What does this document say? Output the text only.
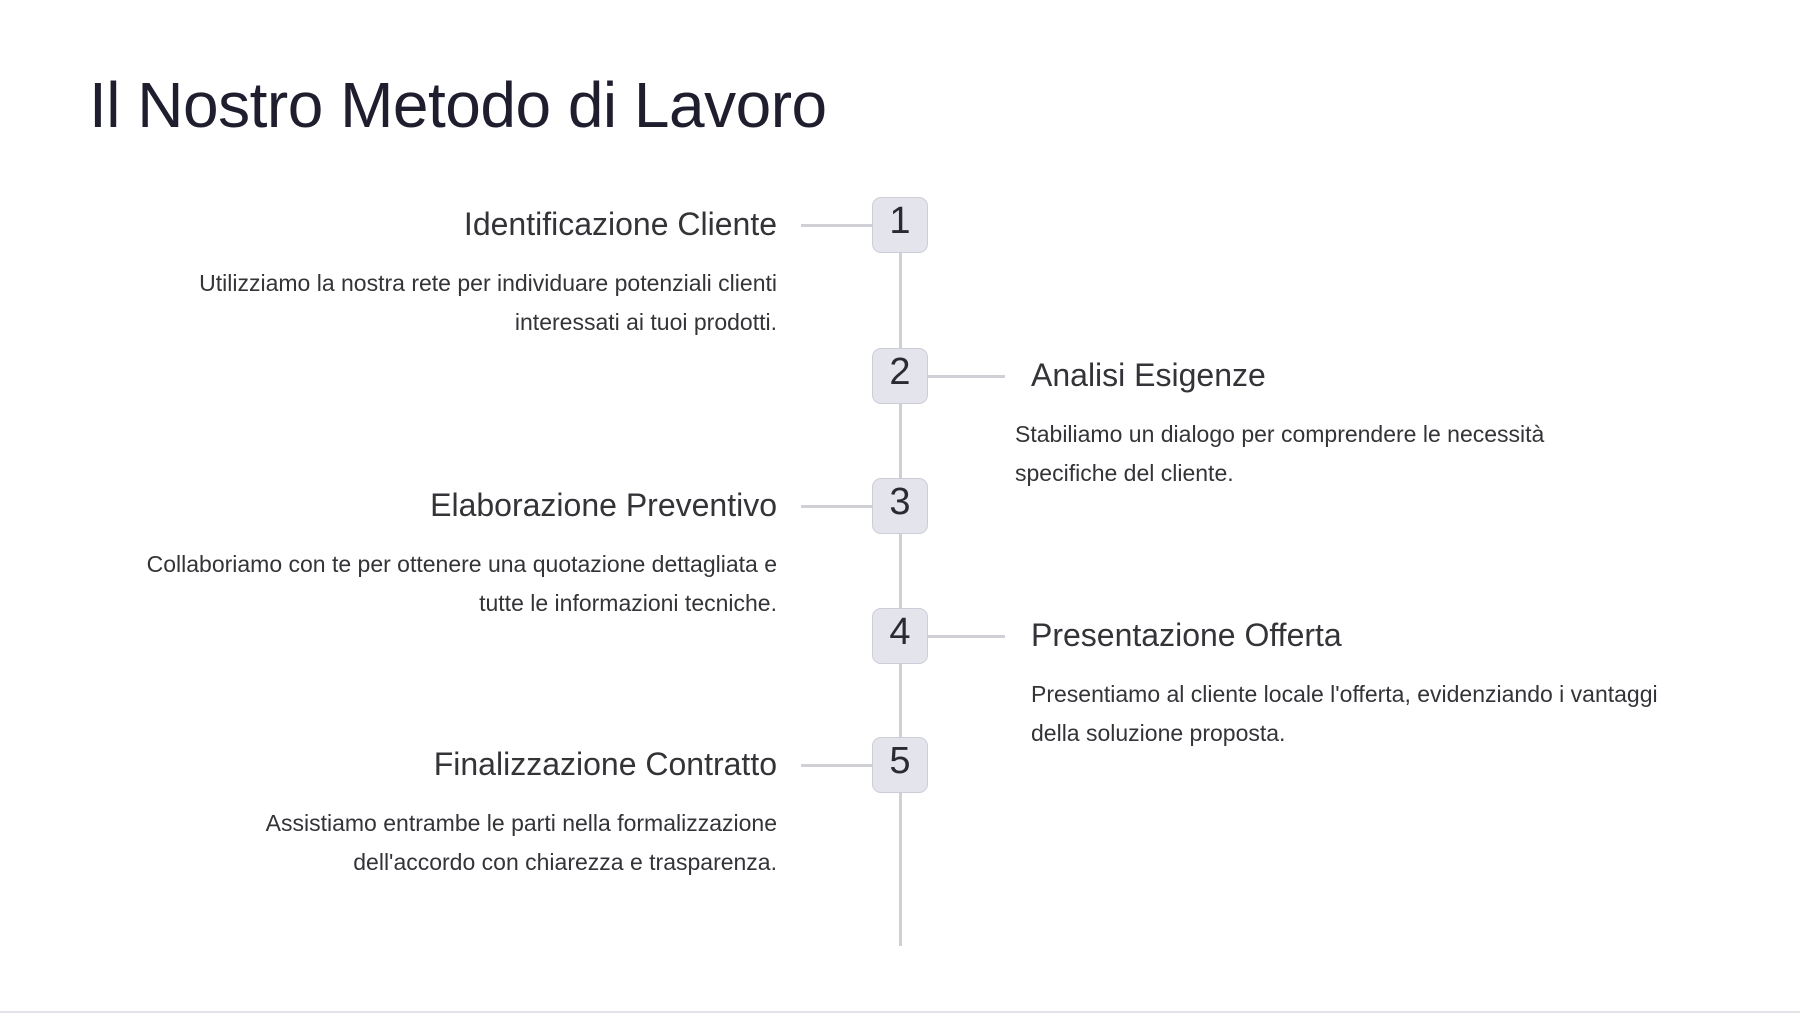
Il Nostro Metodo di Lavoro
1
Identificazione Cliente

Utilizziamo la nostra rete per individuare potenziali clienti
interessati ai tuoi prodotti.

2	Analisi Esigenze

Stabiliamo un dialogo per comprendere le necessità
specifiche del cliente.

3
Elaborazione Preventivo

Collaboriamo con te per ottenere una quotazione dettagliata e
tutte le informazioni tecniche.

4	Presentazione Offerta

Presentiamo al cliente locale l'offerta, evidenziando i vantaggi
della soluzione proposta.

5
Finalizzazione Contratto

Assistiamo entrambe le parti nella formalizzazione
dell'accordo con chiarezza e trasparenza.
